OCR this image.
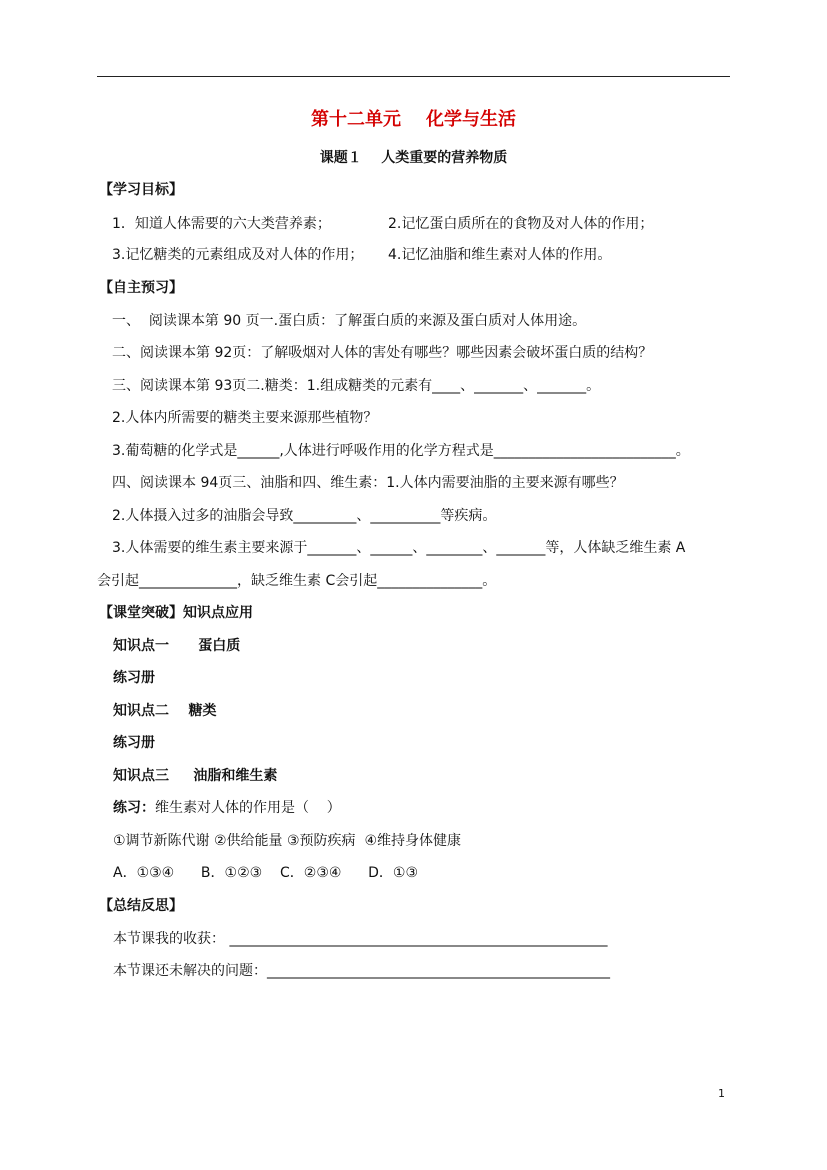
第十二单元    化学与生活
课题１    人类重要的营养物质
【学习目标】
1．知道人体需要的六大类营养素；	2.记忆蛋白质所在的食物及对人体的作用；
3.记忆糖类的元素组成及对人体的作用； 4.记忆油脂和维生素对人体的作用。
【自主预习】
一、  阅读课本第 90 页一.蛋白质：了解蛋白质的来源及蛋白质对人体用途。
二、阅读课本第 92页：了解吸烟对人体的害处有哪些？哪些因素会破坏蛋白质的结构？
三、阅读课本第 93页二.糖类：1.组成糖类的元素有____、_______、_______。
2.人体内所需要的糖类主要来源那些植物？
3.葡萄糖的化学式是______,人体进行呼吸作用的化学方程式是__________________________。
四、阅读课本 94页三、油脂和四、维生素：1.人体内需要油脂的主要来源有哪些？
2.人体摄入过多的油脂会导致_________、__________等疾病。
3.人体需要的维生素主要来源于_______、______、________、_______等，人体缺乏维生素 A
会引起______________，缺乏维生素 C会引起_______________。
【课堂突破】知识点应用
知识点一      蛋白质
练习册
知识点二    糖类
练习册
知识点三     油脂和维生素
练习：维生素对人体的作用是（    ）
①调节新陈代谢 ②供给能量 ③预防疾病  ④维持身体健康
A．①③④      B．①②③    C．②③④      D．①③
【总结反思】
本节课我的收获： ______________________________________________________
本节课还未解决的问题：_________________________________________________
1
